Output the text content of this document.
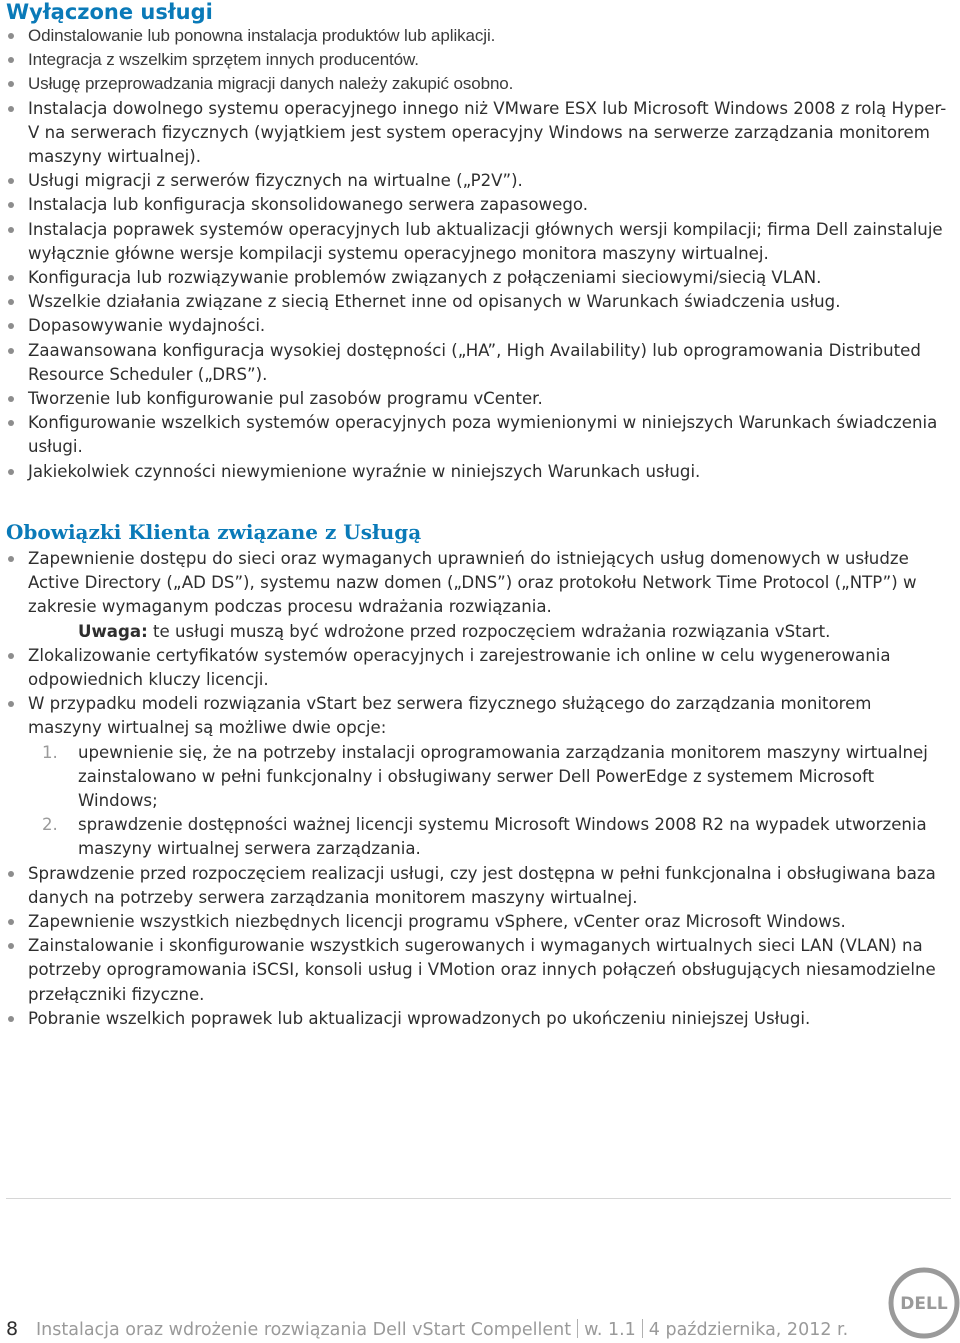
Wyłączone usługi
Odinstalowanie lub ponowna instalacja produktów lub aplikacji.
Integracja z wszelkim sprzętem innych producentów.
Usługę przeprowadzania migracji danych należy zakupić osobno.
Instalacja dowolnego systemu operacyjnego innego niż VMware ESX lub Microsoft Windows 2008 z rolą Hyper-V na serwerach fizycznych (wyjątkiem jest system operacyjny Windows na serwerze zarządzania monitorem maszyny wirtualnej).
Usługi migracji z serwerów fizycznych na wirtualne („P2V”).
Instalacja lub konfiguracja skonsolidowanego serwera zapasowego.
Instalacja poprawek systemów operacyjnych lub aktualizacji głównych wersji kompilacji; firma Dell zainstaluje wyłącznie główne wersje kompilacji systemu operacyjnego monitora maszyny wirtualnej.
Konfiguracja lub rozwiązywanie problemów związanych z połączeniami sieciowymi/siecią VLAN.
Wszelkie działania związane z siecią Ethernet inne od opisanych w Warunkach świadczenia usług.
Dopasowywanie wydajności.
Zaawansowana konfiguracja wysokiej dostępności („HA”, High Availability) lub oprogramowania Distributed Resource Scheduler („DRS”).
Tworzenie lub konfigurowanie pul zasobów programu vCenter.
Konfigurowanie wszelkich systemów operacyjnych poza wymienionymi w niniejszych Warunkach świadczenia usługi.
Jakiekolwiek czynności niewymienione wyraźnie w niniejszych Warunkach usługi.
Obowiązki Klienta związane z Usługą
Zapewnienie dostępu do sieci oraz wymaganych uprawnień do istniejących usług domenowych w usłudze Active Directory („AD DS”), systemu nazw domen („DNS”) oraz protokołu Network Time Protocol („NTP”) w zakresie wymaganym podczas procesu wdrażania rozwiązania.
Uwaga: te usługi muszą być wdrożone przed rozpoczęciem wdrażania rozwiązania vStart.
Zlokalizowanie certyfikatów systemów operacyjnych i zarejestrowanie ich online w celu wygenerowania odpowiednich kluczy licencji.
W przypadku modeli rozwiązania vStart bez serwera fizycznego służącego do zarządzania monitorem maszyny wirtualnej są możliwe dwie opcje:
1. upewnienie się, że na potrzeby instalacji oprogramowania zarządzania monitorem maszyny wirtualnej zainstalowano w pełni funkcjonalny i obsługiwany serwer Dell PowerEdge z systemem Microsoft Windows;
2. sprawdzenie dostępności ważnej licencji systemu Microsoft Windows 2008 R2 na wypadek utworzenia maszyny wirtualnej serwera zarządzania.
Sprawdzenie przed rozpoczęciem realizacji usługi, czy jest dostępna w pełni funkcjonalna i obsługiwana baza danych na potrzeby serwera zarządzania monitorem maszyny wirtualnej.
Zapewnienie wszystkich niezbędnych licencji programu vSphere, vCenter oraz Microsoft Windows.
Zainstalowanie i skonfigurowanie wszystkich sugerowanych i wymaganych wirtualnych sieci LAN (VLAN) na potrzeby oprogramowania iSCSI, konsoli usług i VMotion oraz innych połączeń obsługujących niesamodzielne przełączniki fizyczne.
Pobranie wszelkich poprawek lub aktualizacji wprowadzonych po ukończeniu niniejszej Usługi.
8 Instalacja oraz wdrożenie rozwiązania Dell vStart Compellent w. 1.1 4 października, 2012 r.
DELL
